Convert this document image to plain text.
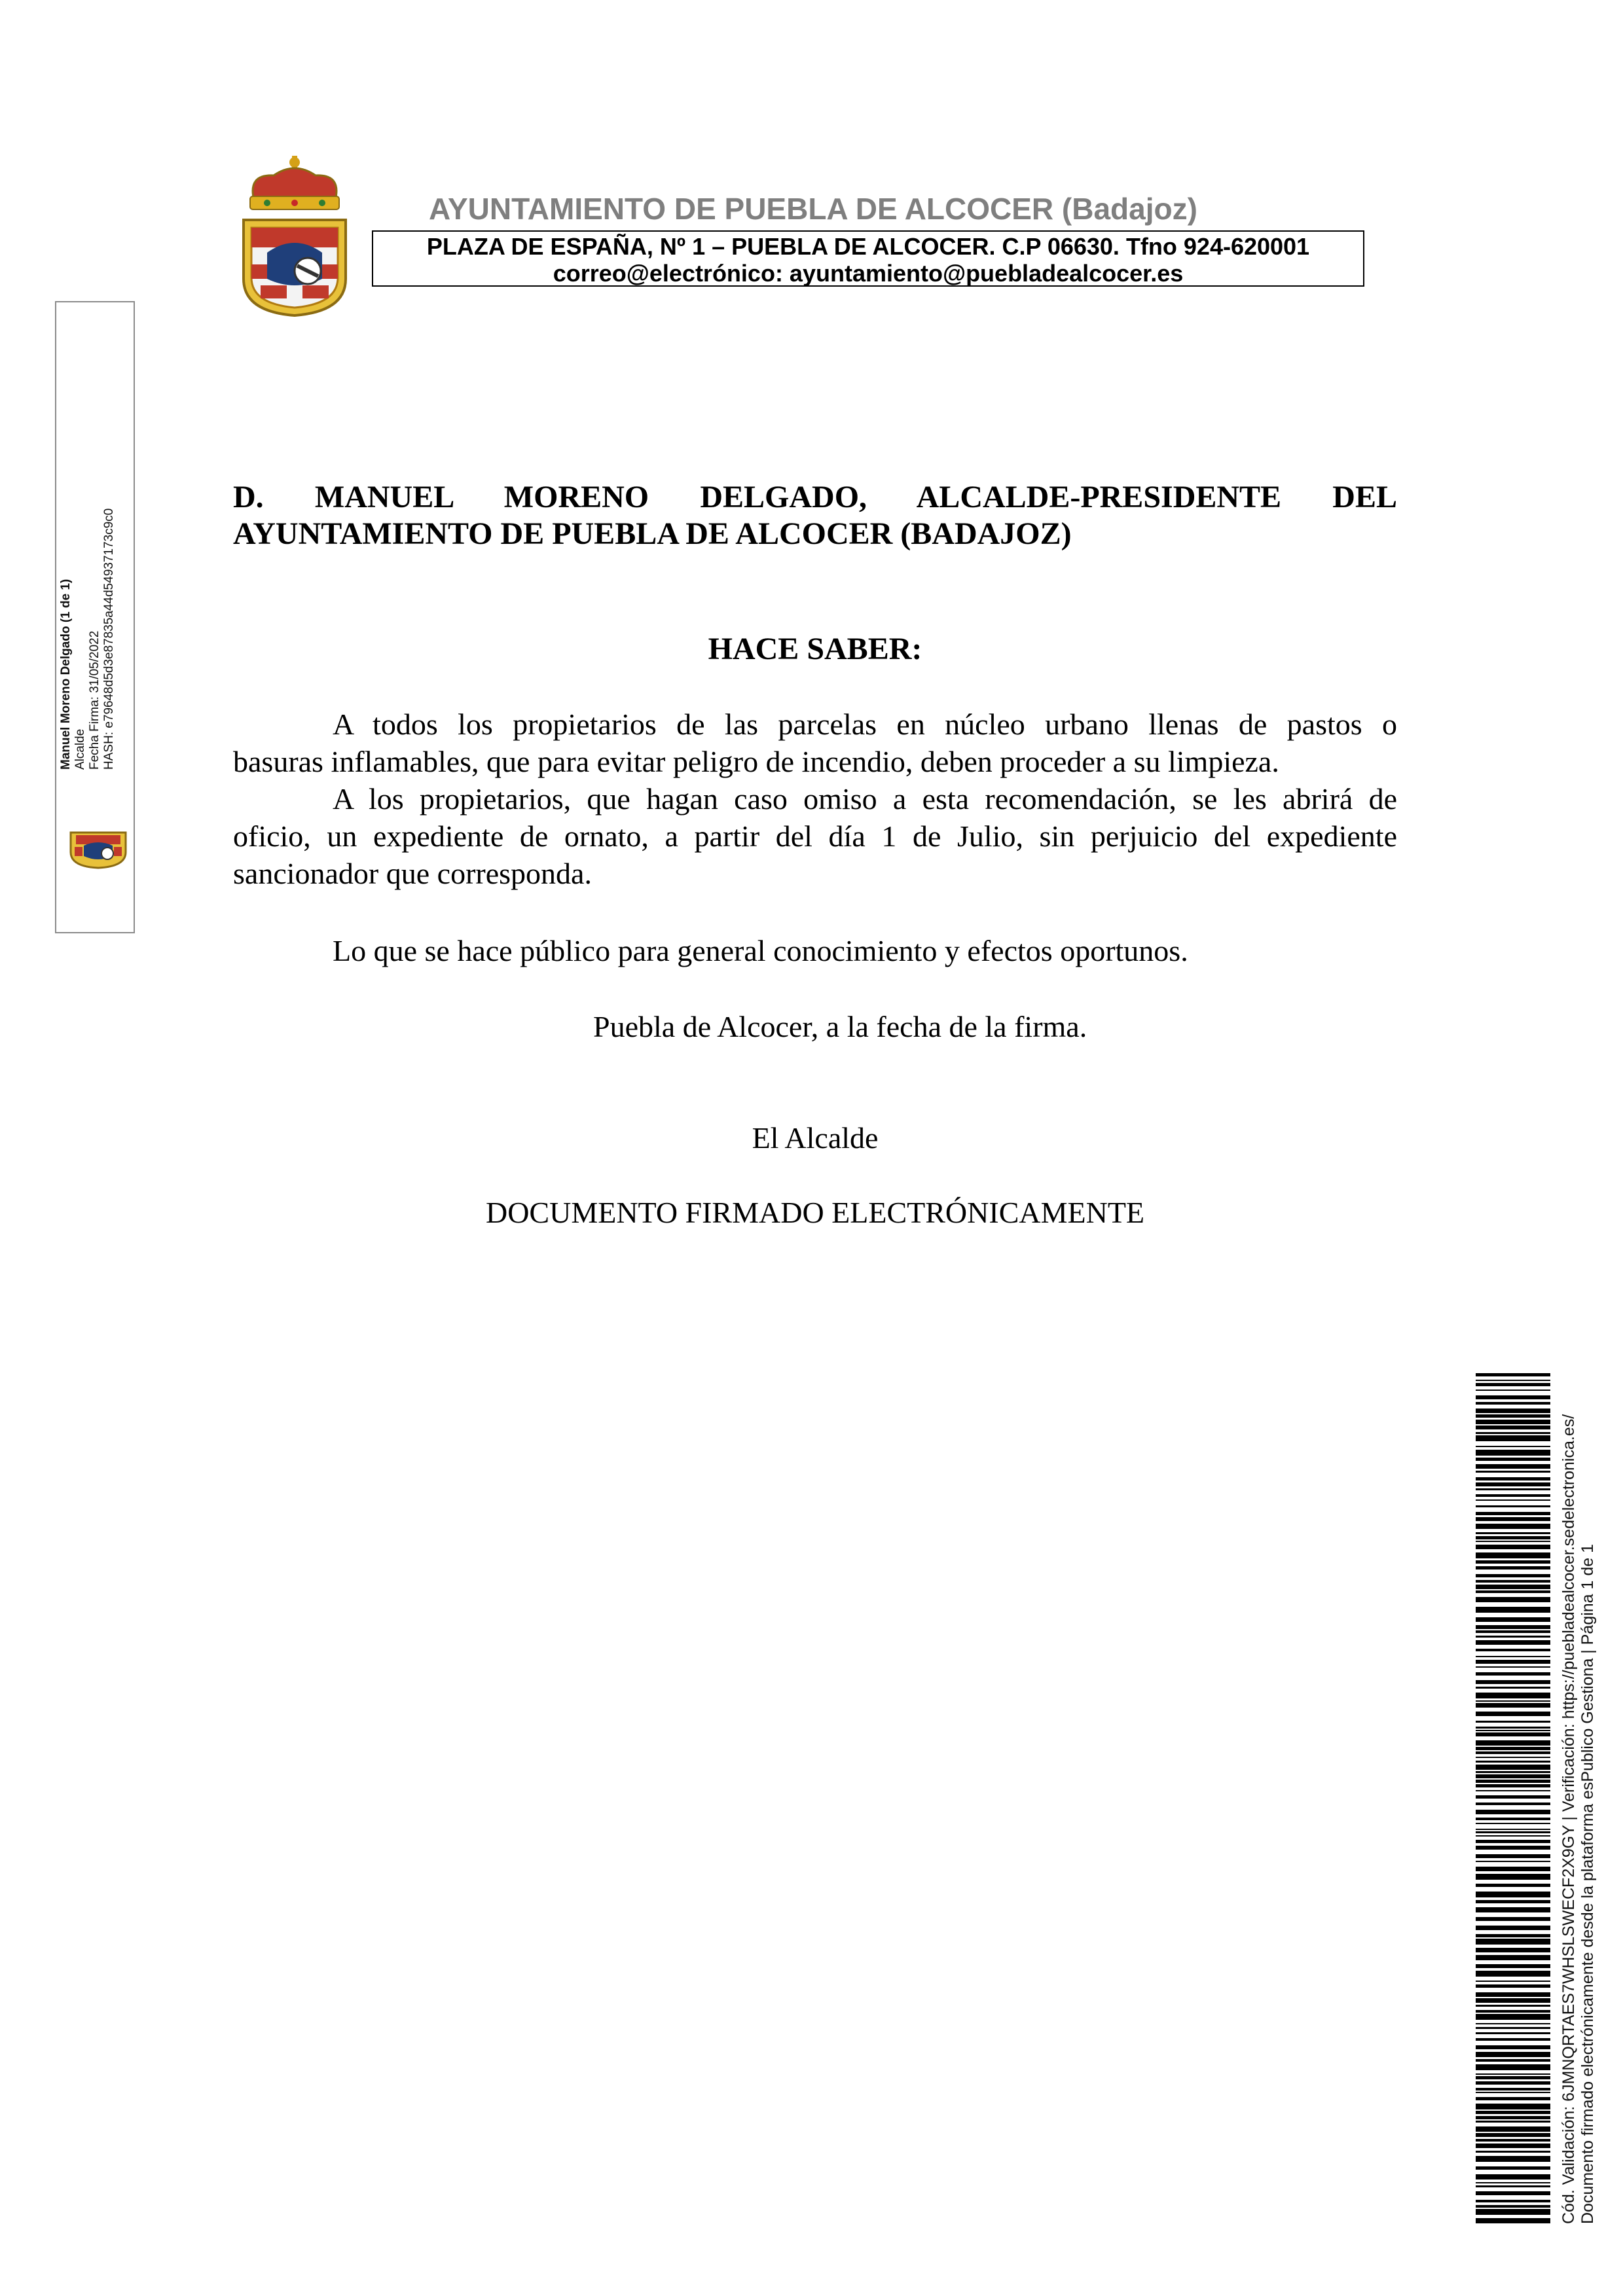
AYUNTAMIENTO DE PUEBLA DE ALCOCER (Badajoz)
PLAZA DE ESPAÑA, Nº 1 – PUEBLA DE ALCOCER. C.P 06630. Tfno 924-620001
correo@electrónico: ayuntamiento@puebladealcocer.es
Manuel Moreno Delgado (1 de 1) Alcalde Fecha Firma: 31/05/2022 HASH: e79648d5d3e87835a44d54937173c9c0
D. MANUEL MORENO DELGADO, ALCALDE-PRESIDENTE DEL
AYUNTAMIENTO DE PUEBLA DE ALCOCER (BADAJOZ)
HACE SABER:
A todos los propietarios de las parcelas en núcleo urbano llenas de pastos o
basuras inflamables, que para evitar peligro de incendio, deben proceder a su limpieza.
A los propietarios, que hagan caso omiso a esta recomendación, se les abrirá de
oficio, un expediente de ornato, a partir del día 1 de Julio, sin perjuicio del expediente
sancionador que corresponda.
Lo que se hace público para general conocimiento y efectos oportunos.
Puebla de Alcocer, a la fecha de la firma.
El Alcalde
DOCUMENTO FIRMADO ELECTRÓNICAMENTE
Cód. Validación: 6JMNQRTAES7WHSLSWECF2X9GY | Verificación: https://puebladealcocer.sedelectronica.es/ Documento firmado electrónicamente desde la plataforma esPublico Gestiona | Página 1 de 1
